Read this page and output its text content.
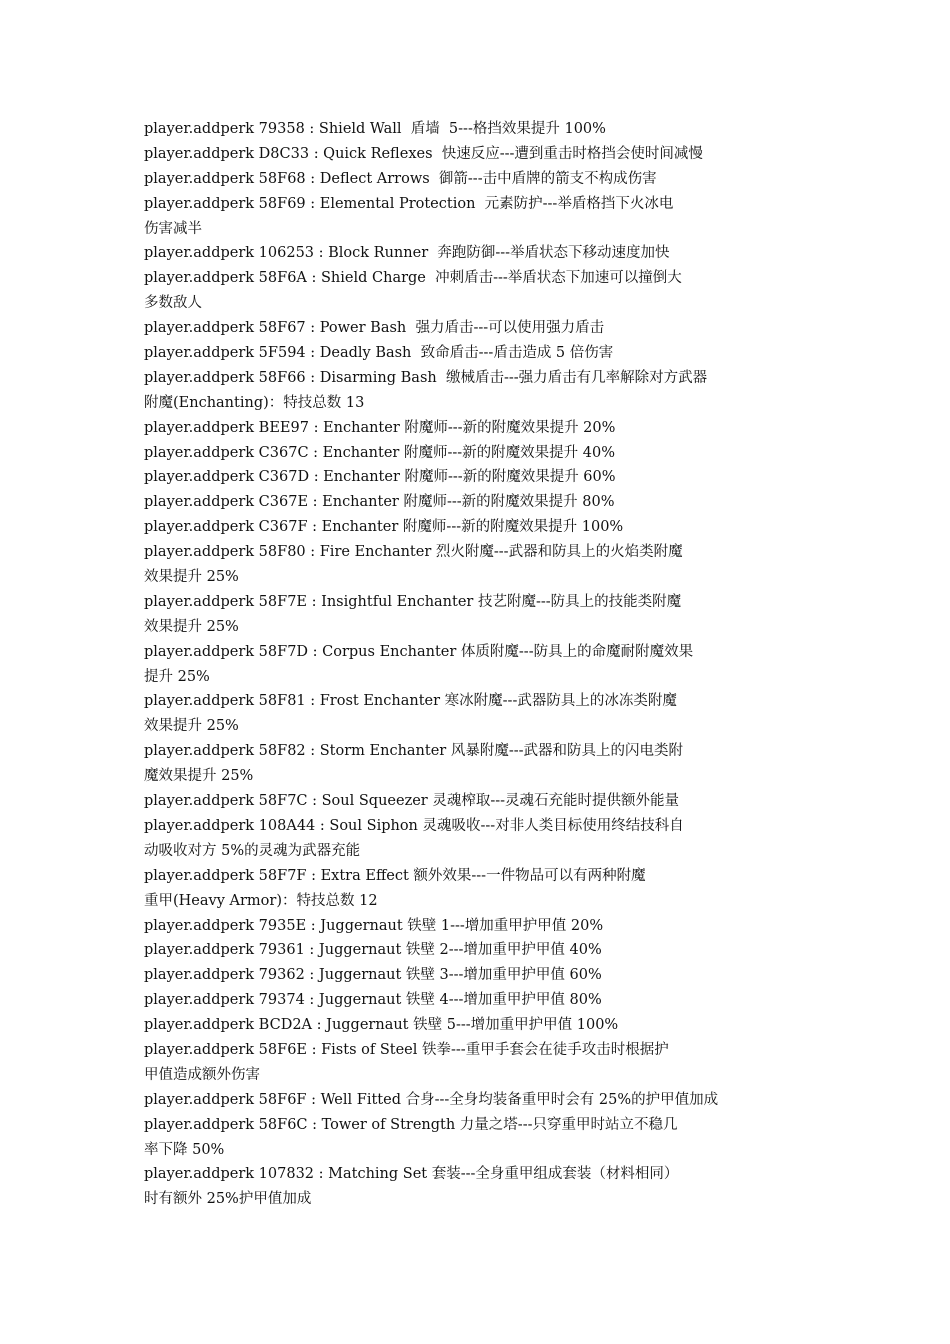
player.addperk 79358 : Shield Wall  盾墙  5---格挡效果提升 100%
player.addperk D8C33 : Quick Reflexes  快速反应---遭到重击时格挡会使时间减慢
player.addperk 58F68 : Deflect Arrows  御箭---击中盾牌的箭支不构成伤害
player.addperk 58F69 : Elemental Protection  元素防护---举盾格挡下火冰电
伤害减半
player.addperk 106253 : Block Runner  奔跑防御---举盾状态下移动速度加快
player.addperk 58F6A : Shield Charge  冲刺盾击---举盾状态下加速可以撞倒大
多数敌人
player.addperk 58F67 : Power Bash  强力盾击---可以使用强力盾击
player.addperk 5F594 : Deadly Bash  致命盾击---盾击造成 5 倍伤害
player.addperk 58F66 : Disarming Bash  缴械盾击---强力盾击有几率解除对方武器
附魔(Enchanting)：特技总数 13
player.addperk BEE97 : Enchanter 附魔师---新的附魔效果提升 20%
player.addperk C367C : Enchanter 附魔师---新的附魔效果提升 40%
player.addperk C367D : Enchanter 附魔师---新的附魔效果提升 60%
player.addperk C367E : Enchanter 附魔师---新的附魔效果提升 80%
player.addperk C367F : Enchanter 附魔师---新的附魔效果提升 100%
player.addperk 58F80 : Fire Enchanter 烈火附魔---武器和防具上的火焰类附魔
效果提升 25%
player.addperk 58F7E : Insightful Enchanter 技艺附魔---防具上的技能类附魔
效果提升 25%
player.addperk 58F7D : Corpus Enchanter 体质附魔---防具上的命魔耐附魔效果
提升 25%
player.addperk 58F81 : Frost Enchanter 寒冰附魔---武器防具上的冰冻类附魔
效果提升 25%
player.addperk 58F82 : Storm Enchanter 风暴附魔---武器和防具上的闪电类附
魔效果提升 25%
player.addperk 58F7C : Soul Squeezer 灵魂榨取---灵魂石充能时提供额外能量
player.addperk 108A44 : Soul Siphon 灵魂吸收---对非人类目标使用终结技科自
动吸收对方 5%的灵魂为武器充能
player.addperk 58F7F : Extra Effect 额外效果---一件物品可以有两种附魔
重甲(Heavy Armor)：特技总数 12
player.addperk 7935E : Juggernaut 铁壁 1---增加重甲护甲值 20%
player.addperk 79361 : Juggernaut 铁壁 2---增加重甲护甲值 40%
player.addperk 79362 : Juggernaut 铁壁 3---增加重甲护甲值 60%
player.addperk 79374 : Juggernaut 铁壁 4---增加重甲护甲值 80%
player.addperk BCD2A : Juggernaut 铁壁 5---增加重甲护甲值 100%
player.addperk 58F6E : Fists of Steel 铁拳---重甲手套会在徒手攻击时根据护
甲值造成额外伤害
player.addperk 58F6F : Well Fitted 合身---全身均装备重甲时会有 25%的护甲值加成
player.addperk 58F6C : Tower of Strength 力量之塔---只穿重甲时站立不稳几
率下降 50%
player.addperk 107832 : Matching Set 套装---全身重甲组成套装（材料相同）
时有额外 25%护甲值加成
